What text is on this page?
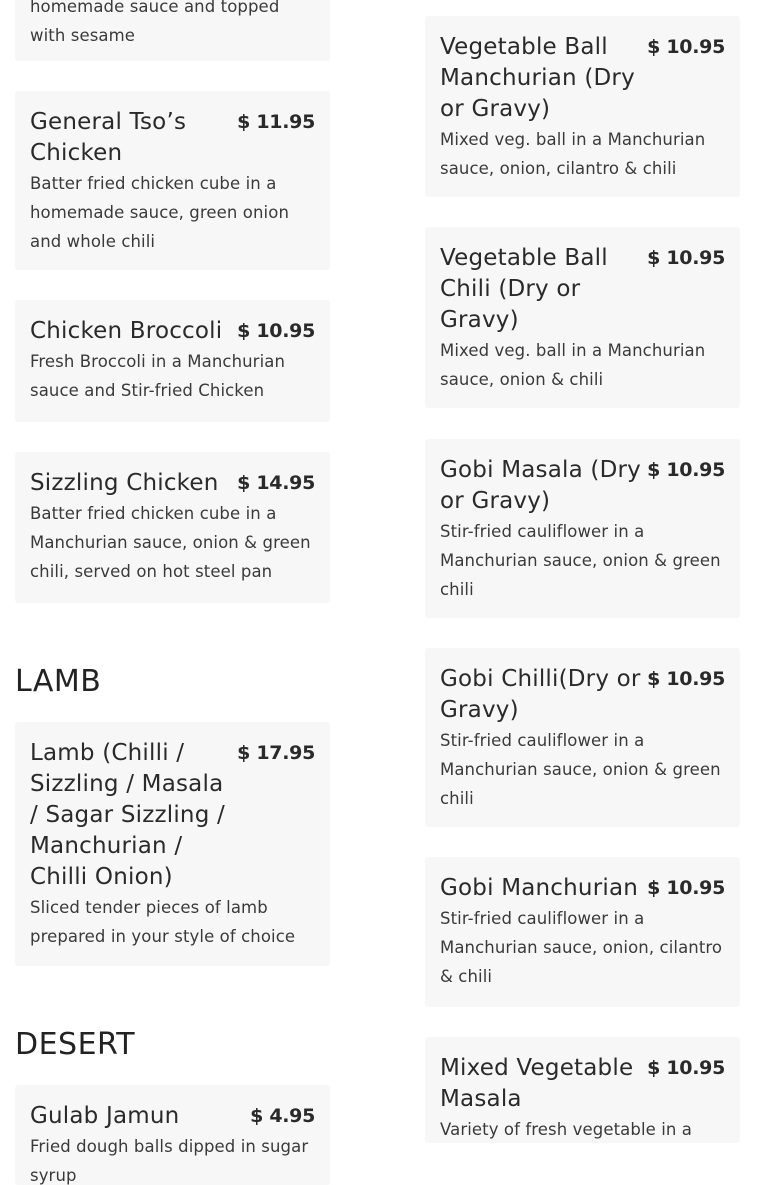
homemade sauce and topped with sesame
General Tso’s Chicken
$ 11.95
Batter fried chicken cube in a homemade sauce, green onion and whole chili
Chicken Broccoli $ 10.95
Fresh Broccoli in a Manchurian sauce and Stir-fried Chicken
Sizzling Chicken $ 14.95
Batter fried chicken cube in a Manchurian sauce, onion & green chili, served on hot steel pan
LAMB
Lamb (Chilli / Sizzling / Masala / Sagar Sizzling / Manchurian / Chilli Onion)
$ 17.95
Sliced tender pieces of lamb prepared in your style of choice
DESERT
Gulab Jamun	$ 4.95
Fried dough balls dipped in sugar syrup
Vegetable Ball Manchurian (Dry or Gravy)
$ 10.95
Mixed veg. ball in a Manchurian sauce, onion, cilantro & chili
Vegetable Ball Chili (Dry or Gravy)
$ 10.95
Mixed veg. ball in a Manchurian sauce, onion & chili
Gobi Masala (Dry or Gravy)
$ 10.95
Stir-fried cauliflower in a Manchurian sauce, onion & green chili
Gobi Chilli(Dry or Gravy)
$ 10.95
Stir-fried cauliflower in a Manchurian sauce, onion & green chili
Gobi Manchurian $ 10.95
Stir-fried cauliflower in a Manchurian sauce, onion, cilantro & chili
Mixed Vegetable Masala
$ 10.95
Variety of fresh vegetable in a
